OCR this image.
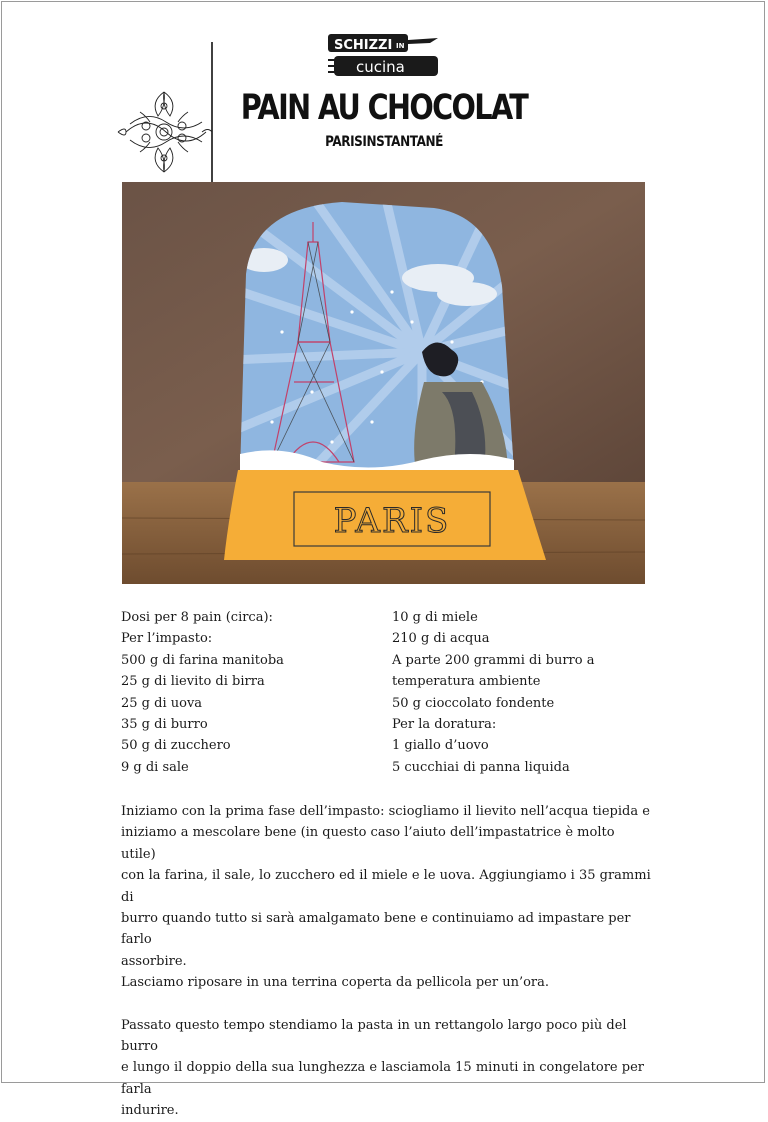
SCHIZZI IN
cucina
PAIN AU CHOCOLAT
PARISINSTANTANÉ
PARIS
Dosi per 8 pain (circa):
Per l’impasto:
500 g di farina manitoba
25 g di lievito di birra
25 g di uova
35 g di burro
50 g di zucchero
9 g di sale
10 g di miele
210 g di acqua
A parte 200 grammi di burro a
temperatura ambiente
50 g cioccolato fondente
Per la doratura:
1 giallo d’uovo
5 cucchiai di panna liquida

Iniziamo con la prima fase dell’impasto: sciogliamo il lievito nell’acqua tiepida e

iniziamo a mescolare bene (in questo caso l’aiuto dell’impastatrice è molto utile)

con la farina, il sale, lo zucchero ed il miele e le uova. Aggiungiamo i 35 grammi di

burro quando tutto si sarà amalgamato bene e continuiamo ad impastare per farlo

assorbire.

Lasciamo riposare in una terrina coperta da pellicola per un’ora.

Passato questo tempo stendiamo la pasta in un rettangolo largo poco più del burro

e lungo il doppio della sua lunghezza e lasciamola 15 minuti in congelatore per farla

indurire.
